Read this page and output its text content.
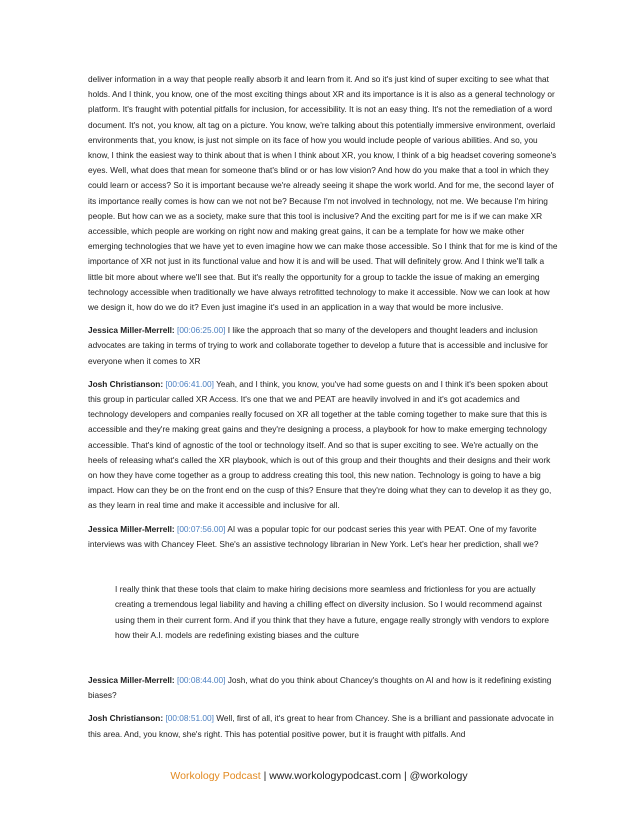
deliver information in a way that people really absorb it and learn from it. And so it's just kind of super exciting to see what that holds. And I think, you know, one of the most exciting things about XR and its importance is it is also as a general technology or platform. It's fraught with potential pitfalls for inclusion, for accessibility. It is not an easy thing. It's not the remediation of a word document. It's not, you know, alt tag on a picture. You know, we're talking about this potentially immersive environment, overlaid environments that, you know, is just not simple on its face of how you would include people of various abilities. And so, you know, I think the easiest way to think about that is when I think about XR, you know, I think of a big headset covering someone's eyes. Well, what does that mean for someone that's blind or or has low vision? And how do you make that a tool in which they could learn or access? So it is important because we're already seeing it shape the work world. And for me, the second layer of its importance really comes is how can we not not be? Because I'm not involved in technology, not me. We because I'm hiring people. But how can we as a society, make sure that this tool is inclusive? And the exciting part for me is if we can make XR accessible, which people are working on right now and making great gains, it can be a template for how we make other emerging technologies that we have yet to even imagine how we can make those accessible. So I think that for me is kind of the importance of XR not just in its functional value and how it is and will be used. That will definitely grow. And I think we'll talk a little bit more about where we'll see that. But it's really the opportunity for a group to tackle the issue of making an emerging technology accessible when traditionally we have always retrofitted technology to make it accessible. Now we can look at how we design it, how do we do it? Even just imagine it's used in an application in a way that would be more inclusive.

Jessica Miller-Merrell: [00:06:25.00] I like the approach that so many of the developers and thought leaders and inclusion advocates are taking in terms of trying to work and collaborate together to develop a future that is accessible and inclusive for everyone when it comes to XR

Josh Christianson: [00:06:41.00] Yeah, and I think, you know, you've had some guests on and I think it's been spoken about this group in particular called XR Access. It's one that we and PEAT are heavily involved in and it's got academics and technology developers and companies really focused on XR all together at the table coming together to make sure that this is accessible and they're making great gains and they're designing a process, a playbook for how to make emerging technology accessible. That's kind of agnostic of the tool or technology itself. And so that is super exciting to see. We're actually on the heels of releasing what's called the XR playbook, which is out of this group and their thoughts and their designs and their work on how they have come together as a group to address creating this tool, this new nation. Technology is going to have a big impact. How can they be on the front end on the cusp of this? Ensure that they're doing what they can to develop it as they go, as they learn in real time and make it accessible and inclusive for all.

Jessica Miller-Merrell: [00:07:56.00] AI was a popular topic for our podcast series this year with PEAT. One of my favorite interviews was with Chancey Fleet. She's an assistive technology librarian in New York. Let's hear her prediction, shall we?

I really think that these tools that claim to make hiring decisions more seamless and frictionless for you are actually creating a tremendous legal liability and having a chilling effect on diversity inclusion. So I would recommend against using them in their current form. And if you think that they have a future, engage really strongly with vendors to explore how their A.I. models are redefining existing biases and the culture

Jessica Miller-Merrell: [00:08:44.00] Josh, what do you think about Chancey's thoughts on AI and how is it redefining existing biases?

Josh Christianson: [00:08:51.00] Well, first of all, it's great to hear from Chancey. She is a brilliant and passionate advocate in this area. And, you know, she's right. This has potential positive power, but it is fraught with pitfalls. And

Workology Podcast | www.workologypodcast.com | @workology
